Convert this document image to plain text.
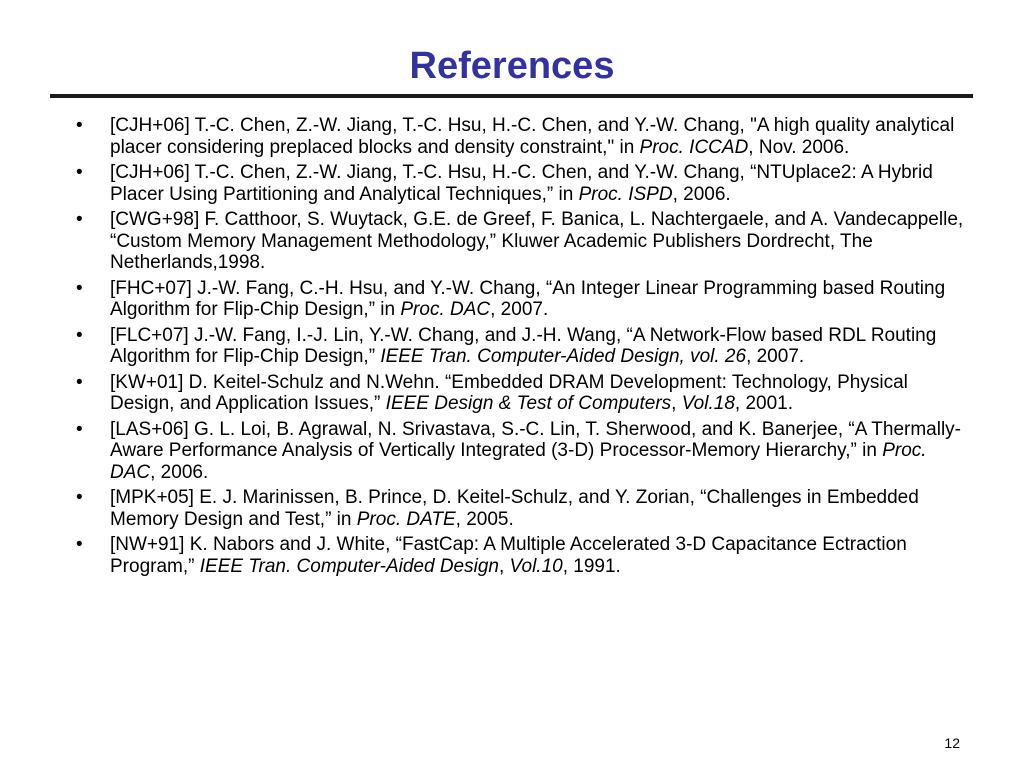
References
• [CJH+06] T.-C. Chen, Z.-W. Jiang, T.-C. Hsu, H.-C. Chen, and Y.-W. Chang, "A high quality analytical placer considering preplaced blocks and density constraint," in Proc. ICCAD, Nov. 2006.
• [CJH+06] T.-C. Chen, Z.-W. Jiang, T.-C. Hsu, H.-C. Chen, and Y.-W. Chang, “NTUplace2: A Hybrid Placer Using Partitioning and Analytical Techniques,” in Proc. ISPD, 2006.
• [CWG+98] F. Catthoor, S. Wuytack, G.E. de Greef, F. Banica, L. Nachtergaele, and A. Vandecappelle, “Custom Memory Management Methodology,” Kluwer Academic Publishers Dordrecht, The Netherlands,1998.
• [FHC+07] J.-W. Fang, C.-H. Hsu, and Y.-W. Chang, “An Integer Linear Programming based Routing Algorithm for Flip-Chip Design,” in Proc. DAC, 2007.
• [FLC+07] J.-W. Fang, I.-J. Lin, Y.-W. Chang, and J.-H. Wang, “A Network-Flow based RDL Routing Algorithm for Flip-Chip Design,” IEEE Tran. Computer-Aided Design, vol. 26, 2007.
• [KW+01] D. Keitel-Schulz and N.Wehn. “Embedded DRAM Development: Technology, Physical Design, and Application Issues,” IEEE Design & Test of Computers, Vol.18, 2001.
• [LAS+06] G. L. Loi, B. Agrawal, N. Srivastava, S.-C. Lin, T. Sherwood, and K. Banerjee, “A Thermally-Aware Performance Analysis of Vertically Integrated (3-D) Processor-Memory Hierarchy,” in Proc. DAC, 2006.
• [MPK+05] E. J. Marinissen, B. Prince, D. Keitel-Schulz, and Y. Zorian, “Challenges in Embedded Memory Design and Test,” in Proc. DATE, 2005.
• [NW+91] K. Nabors and J. White, “FastCap: A Multiple Accelerated 3-D Capacitance Ectraction Program,” IEEE Tran. Computer-Aided Design, Vol.10, 1991.
12
